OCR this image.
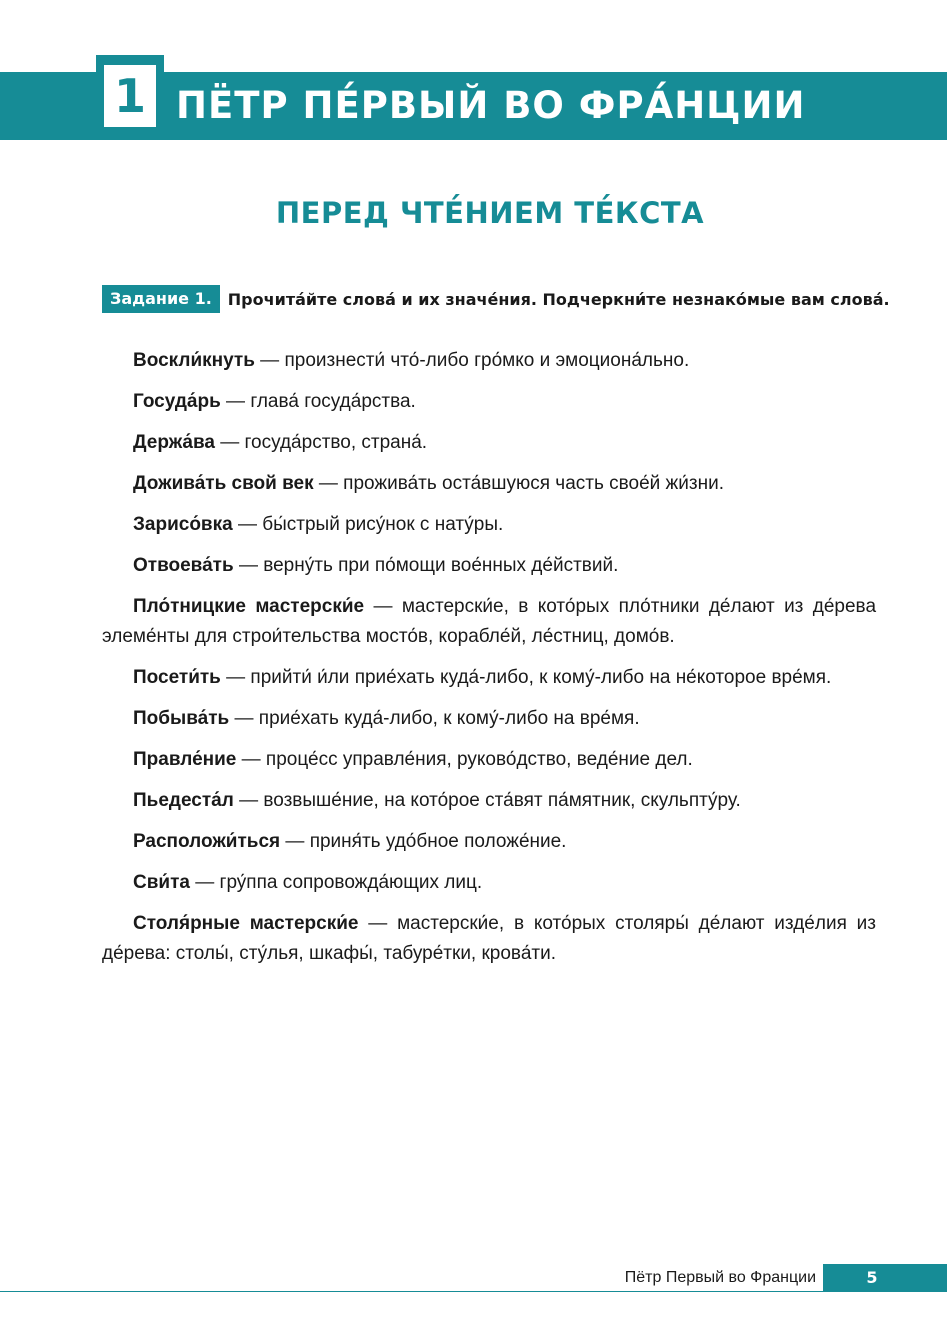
1 ПЁТР ПЕ́РВЫЙ ВО ФРА́НЦИИ
ПЕРЕД ЧТЕ́НИЕМ ТЕ́КСТА
Задание 1.	Прочита́йте слова́ и их значе́ния. Подчеркни́те незнако́мые вам слова́.

Воскли́кнуть — произнести́ что́-либо гро́мко и эмоциона́льно.

Госуда́рь — глава́ госуда́рства.

Держа́ва — госуда́рство, страна́.

Дожива́ть свой век — прожива́ть оста́вшуюся часть свое́й жи́зни.

Зарисо́вка — бы́стрый рису́нок с нату́ры.

Отвоева́ть — верну́ть при по́мощи вое́нных де́йствий.

Пло́тницкие мастерски́е — мастерски́е, в кото́рых пло́тники де́лают из де́рева элеме́нты для строи́тельства мосто́в, корабле́й, ле́стниц, домо́в.

Посети́ть — прийти́ и́ли прие́хать куда́-либо, к кому́-либо на не́которое вре́мя.

Побыва́ть — прие́хать куда́-либо, к кому́-либо на вре́мя.

Правле́ние — проце́сс управле́ния, руково́дство, веде́ние дел.

Пьедеста́л — возвыше́ние, на кото́рое ста́вят па́мятник, скульпту́ру.

Расположи́ться — приня́ть удо́бное положе́ние.

Сви́та — гру́ппа сопровожда́ющих лиц.

Столя́рные мастерски́е — мастерски́е, в кото́рых столяры́ де́лают изде́лия из де́рева: столы́, сту́лья, шкафы́, табуре́тки, крова́ти.

Пётр Первый во Франции	5
